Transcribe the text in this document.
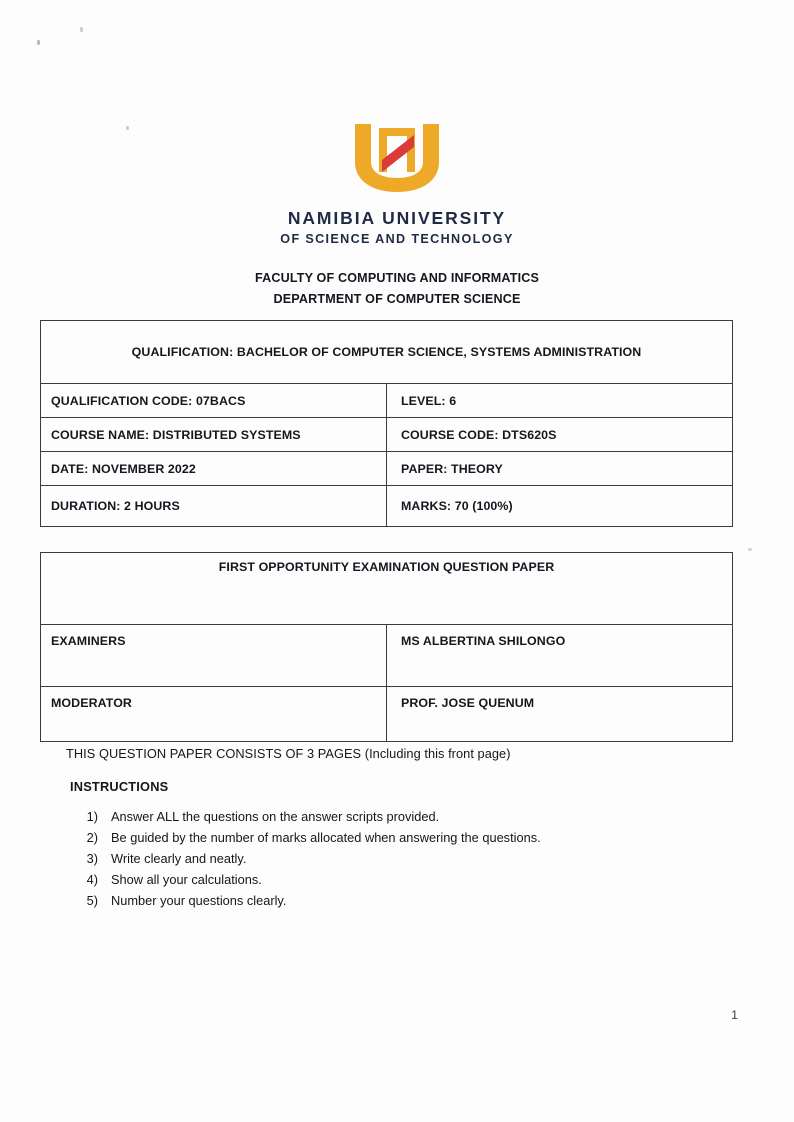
NAMIBIA UNIVERSITY
OF SCIENCE AND TECHNOLOGY
FACULTY OF COMPUTING AND INFORMATICS
DEPARTMENT OF COMPUTER SCIENCE
QUALIFICATION: BACHELOR OF COMPUTER SCIENCE, SYSTEMS ADMINISTRATION	
QUALIFICATION CODE: 07BACS	LEVEL: 6
COURSE NAME: DISTRIBUTED SYSTEMS	COURSE CODE: DTS620S
DATE: NOVEMBER 2022	PAPER: THEORY
DURATION: 2 HOURS	MARKS: 70 (100%)
FIRST OPPORTUNITY EXAMINATION QUESTION PAPER	
EXAMINERS	MS ALBERTINA SHILONGO
MODERATOR	PROF. JOSE QUENUM
THIS QUESTION PAPER CONSISTS OF 3 PAGES (Including this front page)
INSTRUCTIONS
1)	Answer ALL the questions on the answer scripts provided.
2)	Be guided by the number of marks allocated when answering the questions.
3)	Write clearly and neatly.
4)	Show all your calculations.
5)	Number your questions clearly.
1
